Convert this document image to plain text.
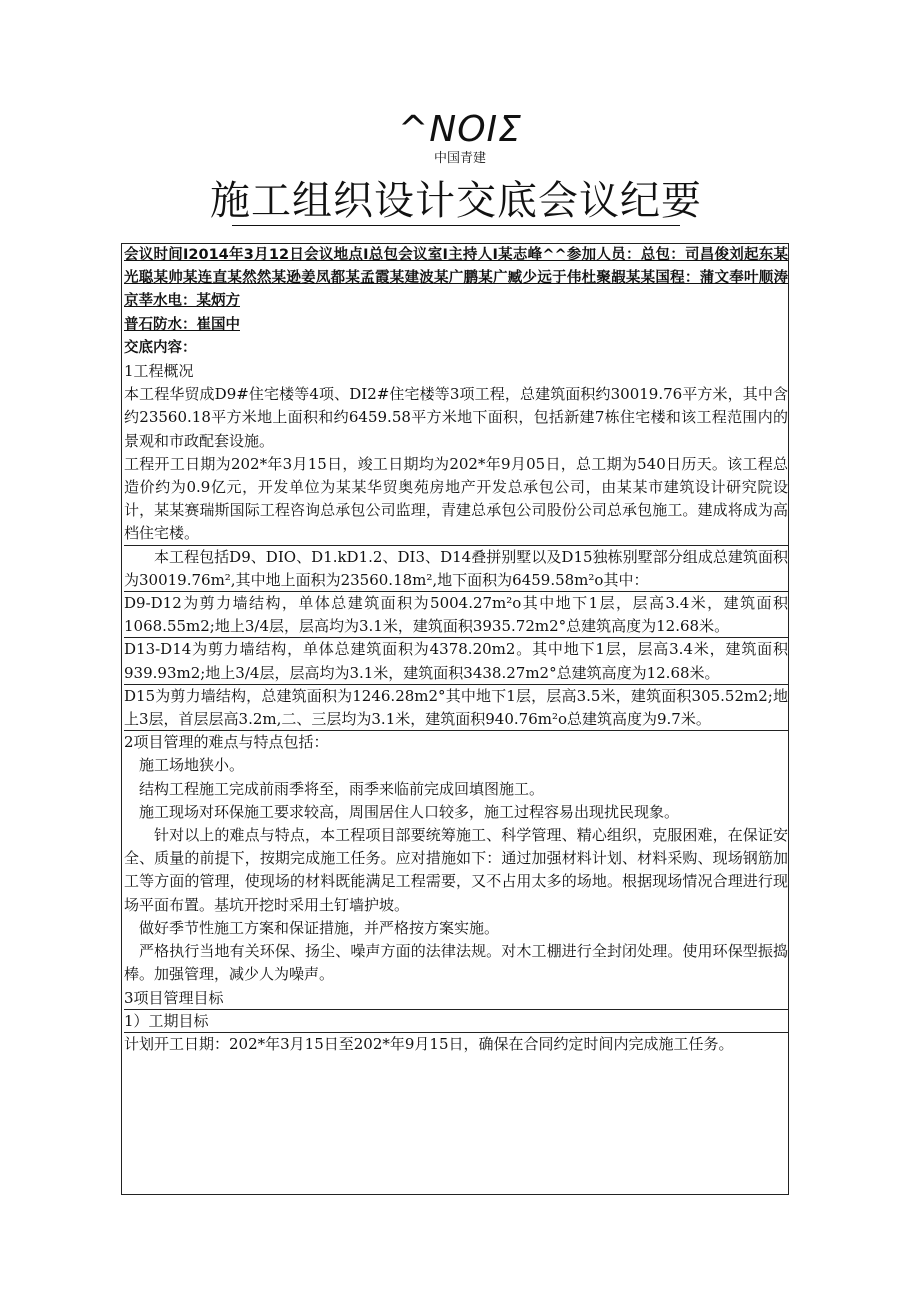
^NOIΣ
中国青建
施工组织设计交底会议纪要

会议时间I2014年3月12日会议地点I总包会议室I主持人I某志峰^^参加人员：总包：司昌俊刘起东某光聪某帅某连直某然然某逊姜凤都某孟霞某建波某广鹏某广臧少远于伟杜聚嘏某某国程：蒲文奉叶顺涛京莘水电：某炳方

普石防水：崔国中

交底内容：

1工程概况

本工程华贸成D9#住宅楼等4项、DI2#住宅楼等3项工程，总建筑面积约30019.76平方米，其中含约23560.18平方米地上面积和约6459.58平方米地下面积，包括新建7栋住宅楼和该工程范围内的景观和市政配套设施。

工程开工日期为202*年3月15日，竣工日期均为202*年9月05日，总工期为540日历天。该工程总造价约为0.9亿元，开发单位为某某华贸奥苑房地产开发总承包公司，由某某市建筑设计研究院设计，某某赛瑞斯国际工程咨询总承包公司监理，青建总承包公司股份公司总承包施工。建成将成为高档住宅楼。

本工程包括D9、DIO、D1.kD1.2、DI3、D14叠拼别墅以及D15独栋别墅部分组成总建筑面积为30019.76m²,其中地上面积为23560.18m²,地下面积为6459.58m²o其中：

D9-D12为剪力墙结构，单体总建筑面积为5004.27m²o其中地下1层，层高3.4米，建筑面积1068.55m2;地上3/4层，层高均为3.1米，建筑面积3935.72m2°总建筑高度为12.68米。

D13-D14为剪力墙结构，单体总建筑面积为4378.20m2。其中地下1层，层高3.4米，建筑面积939.93m2;地上3/4层，层高均为3.1米，建筑面积3438.27m2°总建筑高度为12.68米。

D15为剪力墙结构，总建筑面积为1246.28m2°其中地下1层，层高3.5米，建筑面积305.52m2;地上3层，首层层高3.2m,二、三层均为3.1米，建筑面积940.76m²o总建筑高度为9.7米。

2项目管理的难点与特点包括：

施工场地狭小。

结构工程施工完成前雨季将至，雨季来临前完成回填图施工。

施工现场对环保施工要求较高，周围居住人口较多，施工过程容易出现扰民现象。

针对以上的难点与特点，本工程项目部要统筹施工、科学管理、精心组织，克服困难，在保证安全、质量的前提下，按期完成施工任务。应对措施如下：通过加强材料计划、材料采购、现场钢筋加工等方面的管理，使现场的材料既能满足工程需要，又不占用太多的场地。根据现场情况合理进行现场平面布置。基坑开挖时采用土钉墙护坡。

做好季节性施工方案和保证措施，并严格按方案实施。

严格执行当地有关环保、扬尘、噪声方面的法律法规。对木工棚进行全封闭处理。使用环保型振捣棒。加强管理，减少人为噪声。

3项目管理目标

1）工期目标

计划开工日期：202*年3月15日至202*年9月15日，确保在合同约定时间内完成施工任务。
